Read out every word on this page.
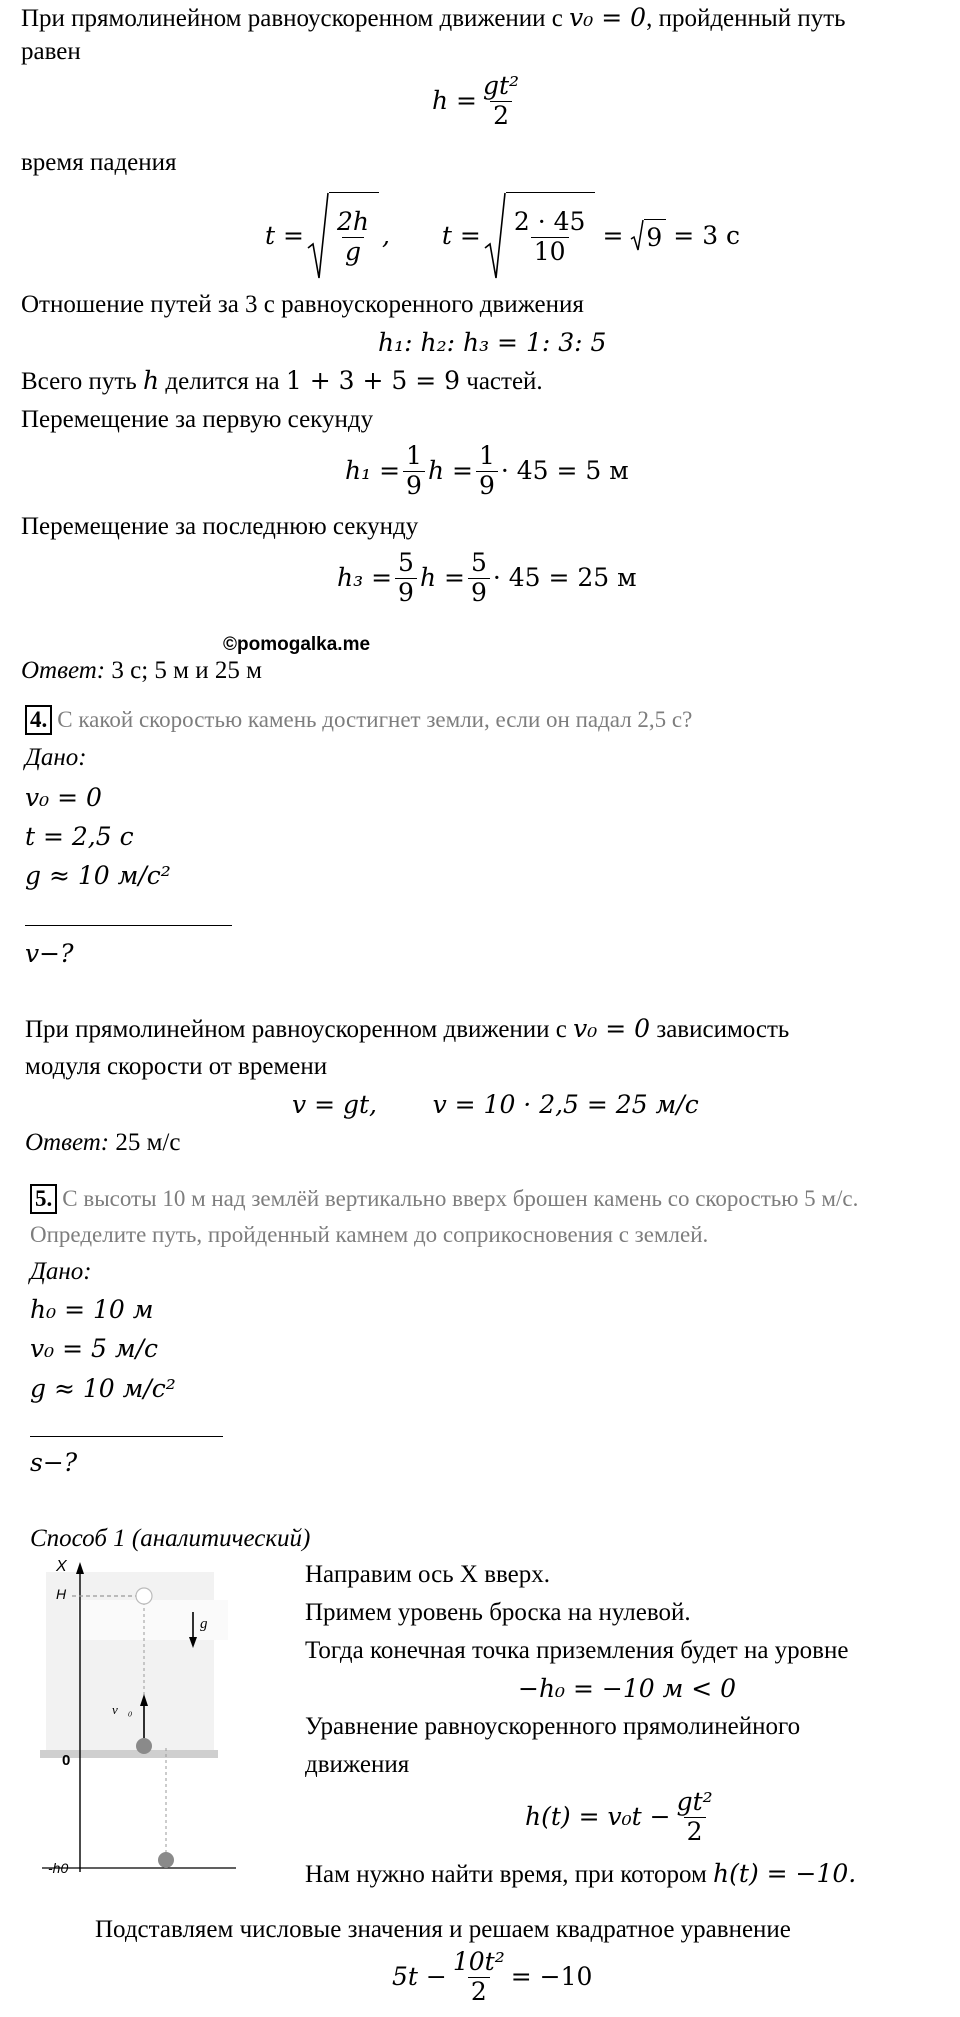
При прямолинейном равноускоренном движении с v₀ = 0, пройденный путь
равен
$h = \frac{\text{gt²}}{2}$
время падения
$t = \frac{2h}{g}$ , $t = \frac{2 \cdot 45}{10} = 9 = 3$ с
Отношение путей за 3 с равноускоренного движения
h₁: h₂: h₃ = 1: 3: 5
Всего путь h делится на 1 + 3 + 5 = 9 частей.
Перемещение за первую секунду
$h_1 = \frac{1}{9}$ $h = \frac{1}{9} \cdot 45 = 5$ м
Перемещение за последнюю секунду
$h_3 = \frac{5}{9}$ $h = \frac{5}{9} \cdot 45 = 25$ м
©pomogalka.me
Ответ: 3 с; 5 м и 25 м
4. С какой скоростью камень достигнет земли, если он падал 2,5 с?
Дано:
v₀ = 0
t = 2,5 с
g ≈ 10 м/с²
v−?
При прямолинейном равноускоренном движении с v₀ = 0 зависимость
модуля скорости от времени
v = gt,       v = 10 · 2,5 = 25 м/с
Ответ: 25 м/с
5. С высоты 10 м над землёй вертикально вверх брошен камень со скоростью 5 м/с.
Определите путь, пройденный камнем до соприкосновения с землей.
Дано:
h₀ = 10 м
v₀ = 5 м/с
g ≈ 10 м/с²
s−?
Способ 1 (аналитический)
X
H
0
-h0
g⃗
v⃗₀
Направим ось X вверх.
Примем уровень броска на нулевой.
Тогда конечная точка приземления будет на уровне
−h₀ = −10 м < 0
Уравнение равноускоренного прямолинейного
движения
$h(t) = v_0t - \frac{\text{gt²}}{2}$
Нам нужно найти время, при котором h(t) = −10.
Подставляем числовые значения и решаем квадратное уравнение
$5t - \frac{\text{10t²}}{2} = -10$
